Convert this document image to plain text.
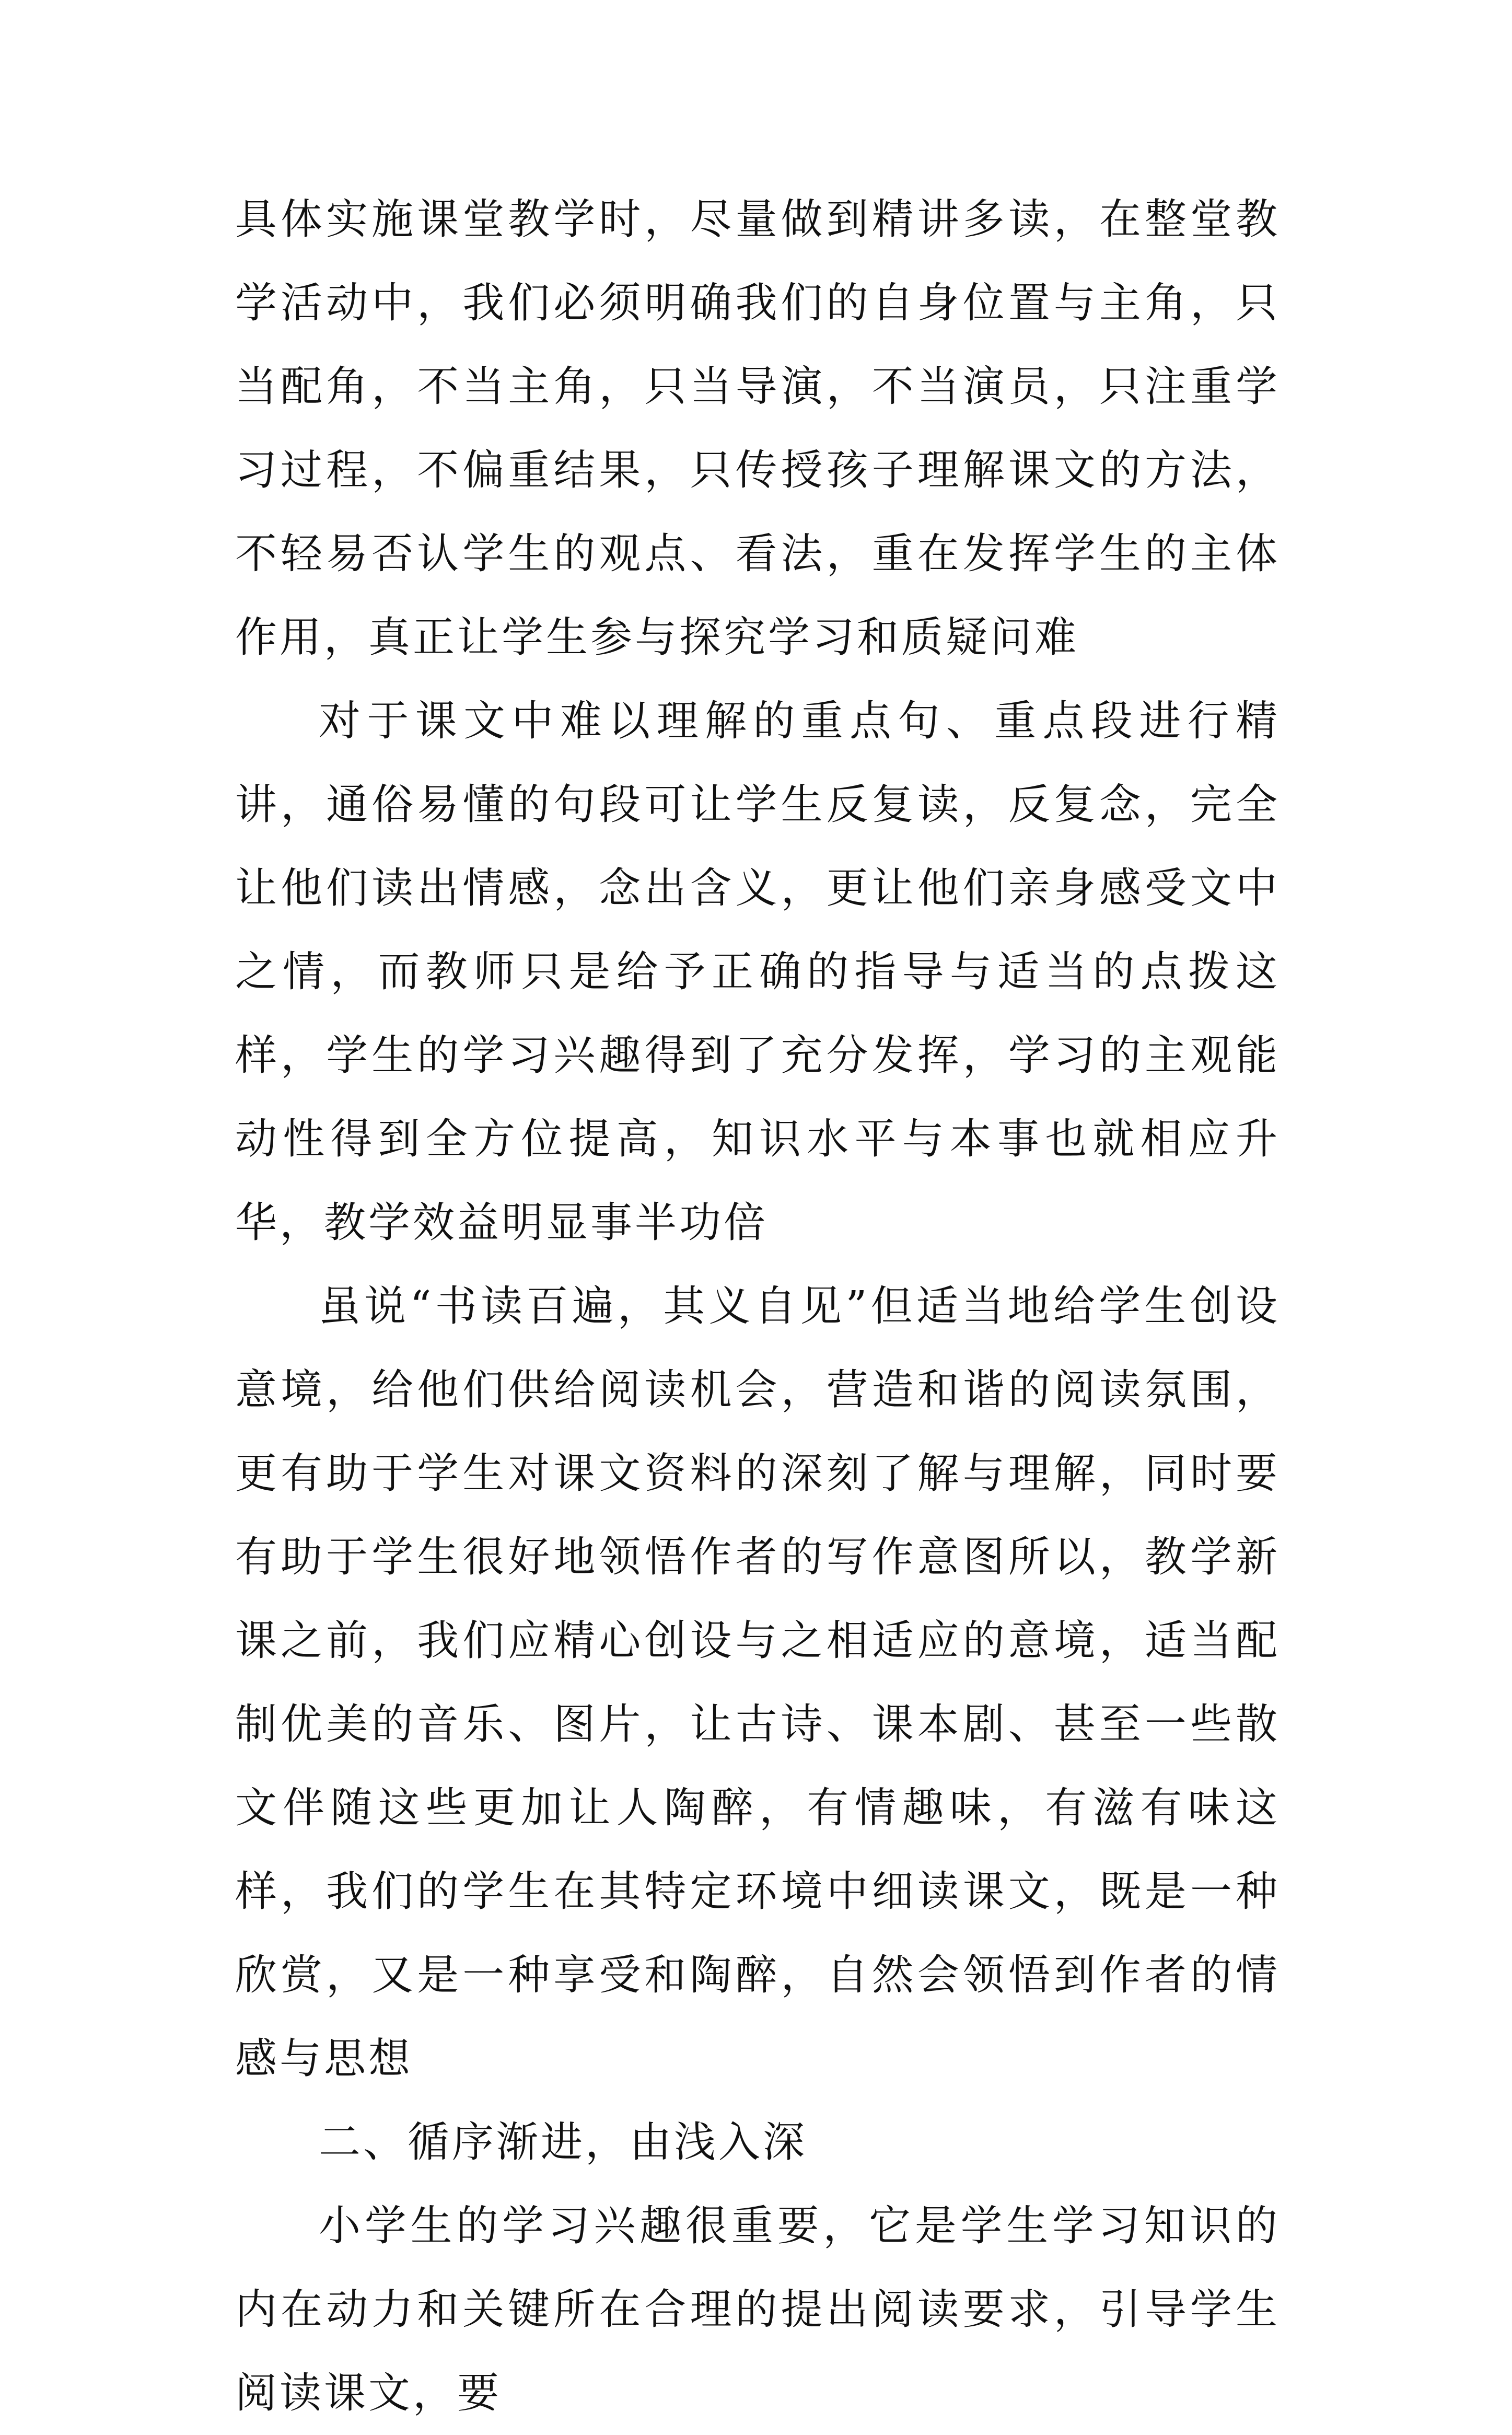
具体实施课堂教学时，尽量做到精讲多读，在整堂教学活动中，我们必须明确我们的自身位置与主角，只当配角，不当主角，只当导演，不当演员，只注重学习过程，不偏重结果，只传授孩子理解课文的方法，不轻易否认学生的观点、看法，重在发挥学生的主体作用，真正让学生参与探究学习和质疑问难

对于课文中难以理解的重点句、重点段进行精讲，通俗易懂的句段可让学生反复读，反复念，完全让他们读出情感，念出含义，更让他们亲身感受文中之情，而教师只是给予正确的指导与适当的点拨这样，学生的学习兴趣得到了充分发挥，学习的主观能动性得到全方位提高，知识水平与本事也就相应升华，教学效益明显事半功倍

虽说“书读百遍，其义自见”但适当地给学生创设意境，给他们供给阅读机会，营造和谐的阅读氛围，更有助于学生对课文资料的深刻了解与理解，同时要有助于学生很好地领悟作者的写作意图所以，教学新课之前，我们应精心创设与之相适应的意境，适当配制优美的音乐、图片，让古诗、课本剧、甚至一些散文伴随这些更加让人陶醉，有情趣味，有滋有味这样，我们的学生在其特定环境中细读课文，既是一种欣赏，又是一种享受和陶醉，自然会领悟到作者的情感与思想

二、循序渐进，由浅入深

小学生的学习兴趣很重要，它是学生学习知识的内在动力和关键所在合理的提出阅读要求，引导学生阅读课文，要
